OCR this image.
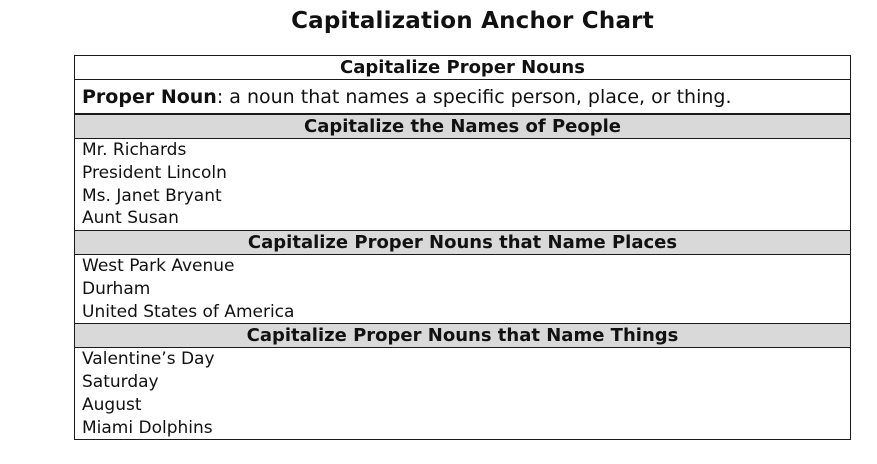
Capitalization Anchor Chart
Capitalize Proper Nouns
Proper Noun: a noun that names a specific person, place, or thing.
Capitalize the Names of People
Mr. Richards
President Lincoln
Ms. Janet Bryant
Aunt Susan
Capitalize Proper Nouns that Name Places
West Park Avenue
Durham
United States of America
Capitalize Proper Nouns that Name Things
Valentine’s Day
Saturday
August
Miami Dolphins
